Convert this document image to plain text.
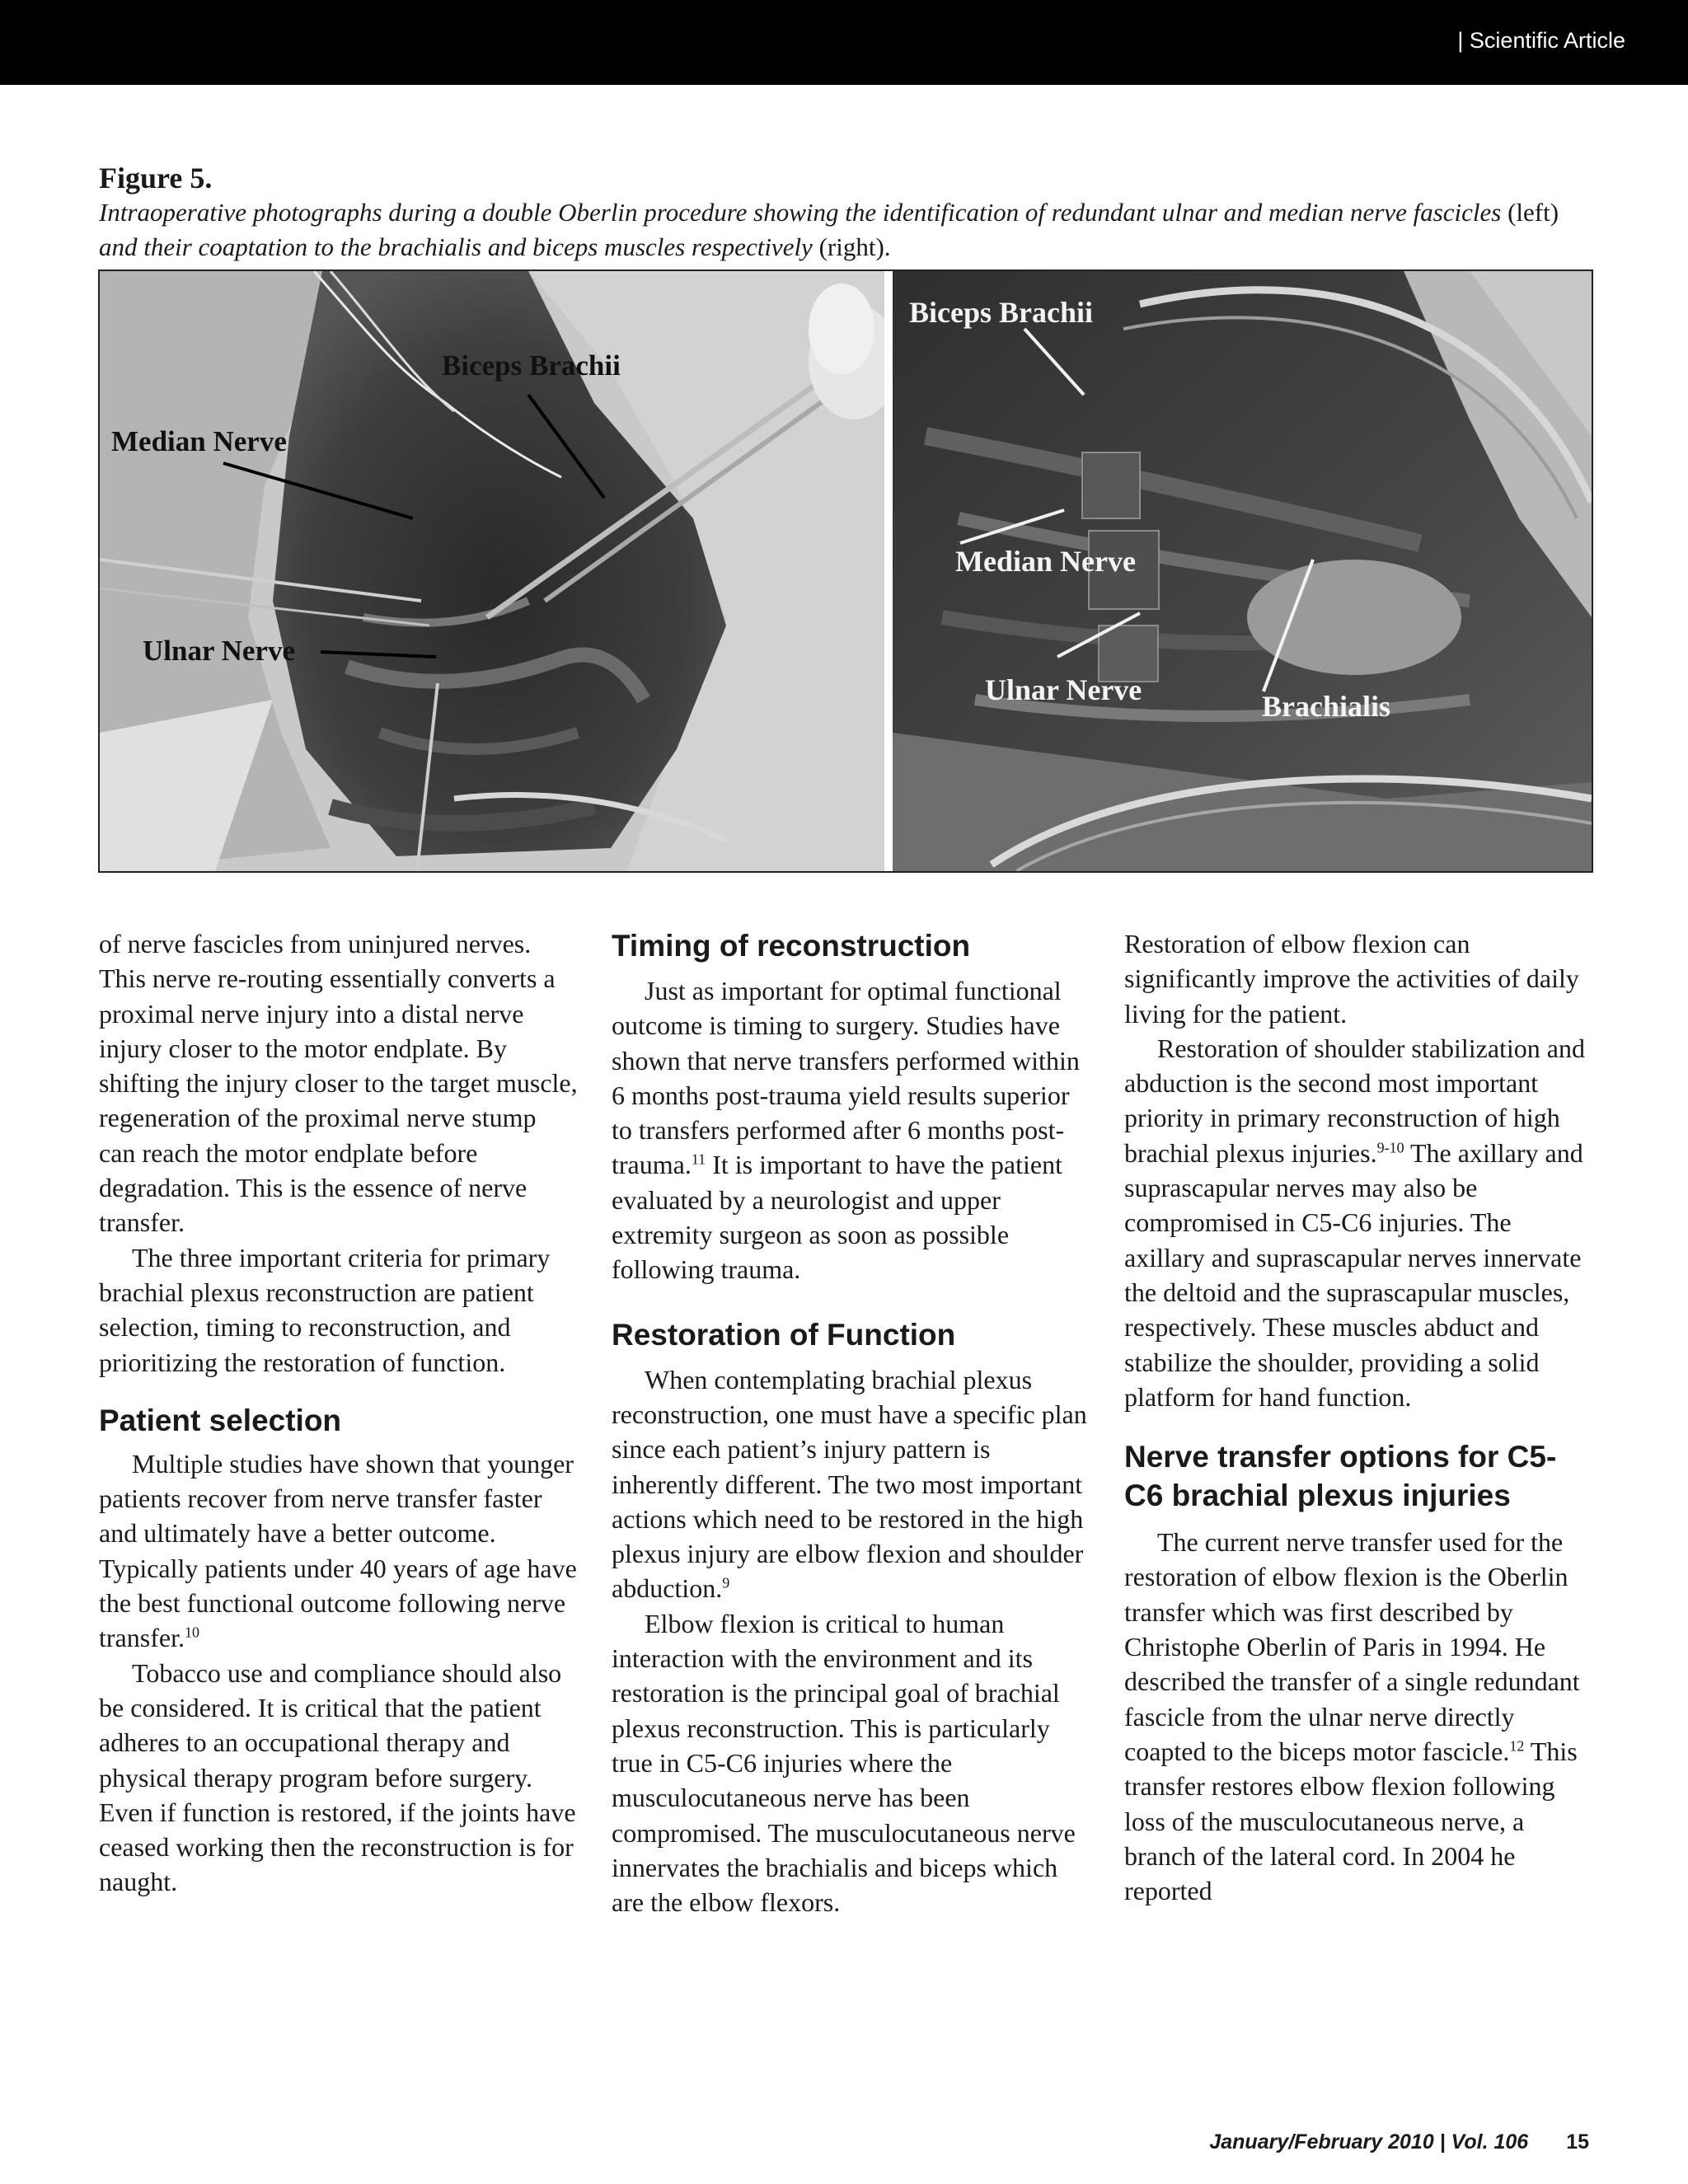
| Scientific Article
Figure 5.
Intraoperative photographs during a double Oberlin procedure showing the identification of redundant ulnar and median nerve fascicles (left) and their coaptation to the brachialis and biceps muscles respectively (right).
Biceps Brachii
Median Nerve
Ulnar Nerve
Biceps Brachii
Median Nerve
Ulnar Nerve	Brachialis

of nerve fascicles from uninjured nerves. This nerve re-routing essentially converts a proximal nerve injury into a distal nerve injury closer to the motor endplate. By shifting the injury closer to the target muscle, regeneration of the proximal nerve stump can reach the motor endplate before degradation. This is the essence of nerve transfer.

The three important criteria for primary brachial plexus reconstruction are patient selection, timing to reconstruction, and prioritizing the restoration of function.

Patient selection

Multiple studies have shown that younger patients recover from nerve transfer faster and ultimately have a better outcome. Typically patients under 40 years of age have the best functional outcome following nerve transfer.$^{10}$

Tobacco use and compliance should also be considered. It is critical that the patient adheres to an occupational therapy and physical therapy program before surgery. Even if function is restored, if the joints have ceased working then the reconstruction is for naught.

Timing of reconstruction

Just as important for optimal functional outcome is timing to surgery. Studies have shown that nerve transfers performed within 6 months post-trauma yield results superior to transfers performed after 6 months post-trauma.$^{11}$ It is important to have the patient evaluated by a neurologist and upper extremity surgeon as soon as possible following trauma.

Restoration of Function

When contemplating brachial plexus reconstruction, one must have a specific plan since each patient’s injury pattern is inherently different. The two most important actions which need to be restored in the high plexus injury are elbow flexion and shoulder abduction.$^9$

Elbow flexion is critical to human interaction with the environment and its restoration is the principal goal of brachial plexus reconstruction. This is particularly true in C5-C6 injuries where the musculocutaneous nerve has been compromised. The musculocutaneous nerve innervates the brachialis and biceps which are the elbow flexors.

Restoration of elbow flexion can significantly improve the activities of daily living for the patient.

Restoration of shoulder stabilization and abduction is the second most important priority in primary reconstruction of high brachial plexus injuries.$^{9-10}$ The axillary and suprascapular nerves may also be compromised in C5-C6 injuries. The axillary and suprascapular nerves innervate the deltoid and the suprascapular muscles, respectively. These muscles abduct and stabilize the shoulder, providing a solid platform for hand function.

Nerve transfer options for C5-C6 brachial plexus injuries

The current nerve transfer used for the restoration of elbow flexion is the Oberlin transfer which was first described by Christophe Oberlin of Paris in 1994. He described the transfer of a single redundant fascicle from the ulnar nerve directly coapted to the biceps motor fascicle.$^{12}$ This transfer restores elbow flexion following loss of the musculocutaneous nerve, a branch of the lateral cord. In 2004 he reported

January/February 2010 | Vol. 106 15
